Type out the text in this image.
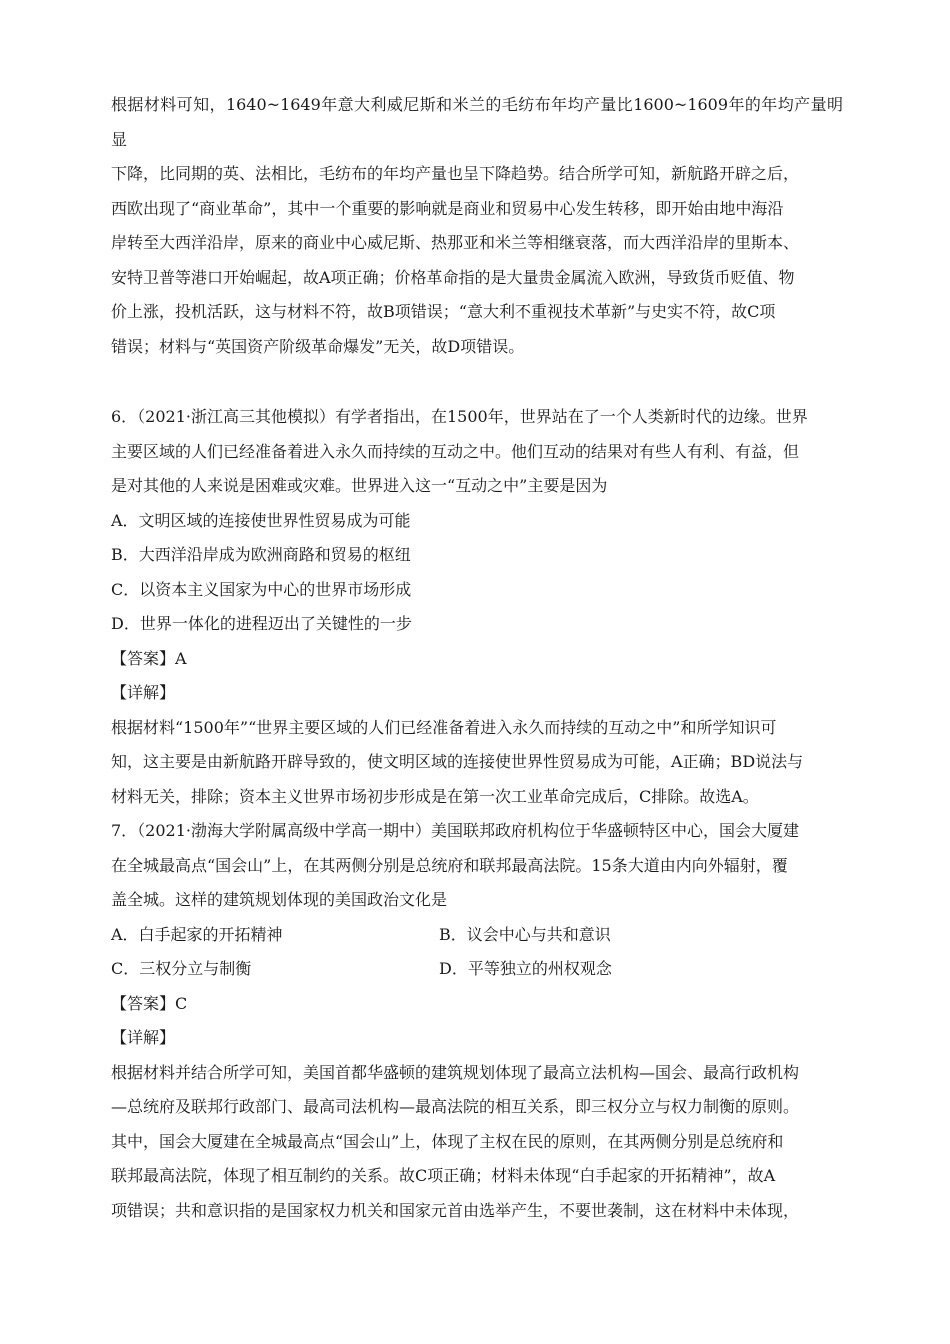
根据材料可知，1640~1649年意大利威尼斯和米兰的毛纺布年均产量比1600~1609年的年均产量明显

下降，比同期的英、法相比，毛纺布的年均产量也呈下降趋势。结合所学可知，新航路开辟之后，

西欧出现了“商业革命”，其中一个重要的影响就是商业和贸易中心发生转移，即开始由地中海沿

岸转至大西洋沿岸，原来的商业中心威尼斯、热那亚和米兰等相继衰落，而大西洋沿岸的里斯本、

安特卫普等港口开始崛起，故A项正确；价格革命指的是大量贵金属流入欧洲，导致货币贬值、物

价上涨，投机活跃，这与材料不符，故B项错误；“意大利不重视技术革新”与史实不符，故C项

错误；材料与“英国资产阶级革命爆发”无关，故D项错误。

6．（2021·浙江高三其他模拟）有学者指出，在1500年，世界站在了一个人类新时代的边缘。世界

主要区域的人们已经准备着进入永久而持续的互动之中。他们互动的结果对有些人有利、有益，但

是对其他的人来说是困难或灾难。世界进入这一“互动之中”主要是因为

A．文明区域的连接使世界性贸易成为可能

B．大西洋沿岸成为欧洲商路和贸易的枢纽

C．以资本主义国家为中心的世界市场形成

D．世界一体化的进程迈出了关键性的一步

【答案】A

【详解】

根据材料“1500年”“世界主要区域的人们已经准备着进入永久而持续的互动之中”和所学知识可

知，这主要是由新航路开辟导致的，使文明区域的连接使世界性贸易成为可能，A正确；BD说法与

材料无关，排除；资本主义世界市场初步形成是在第一次工业革命完成后，C排除。故选A。

7．（2021·渤海大学附属高级中学高一期中）美国联邦政府机构位于华盛顿特区中心，国会大厦建

在全城最高点“国会山”上，在其两侧分别是总统府和联邦最高法院。15条大道由内向外辐射，覆

盖全城。这样的建筑规划体现的美国政治文化是

A．白手起家的开拓精神	B．议会中心与共和意识
C．三权分立与制衡	D．平等独立的州权观念

【答案】C

【详解】

根据材料并结合所学可知，美国首都华盛顿的建筑规划体现了最高立法机构—国会、最高行政机构

—总统府及联邦行政部门、最高司法机构—最高法院的相互关系，即三权分立与权力制衡的原则。

其中，国会大厦建在全城最高点“国会山”上，体现了主权在民的原则，在其两侧分别是总统府和

联邦最高法院，体现了相互制约的关系。故C项正确；材料未体现“白手起家的开拓精神”，故A

项错误；共和意识指的是国家权力机关和国家元首由选举产生，不要世袭制，这在材料中未体现，
